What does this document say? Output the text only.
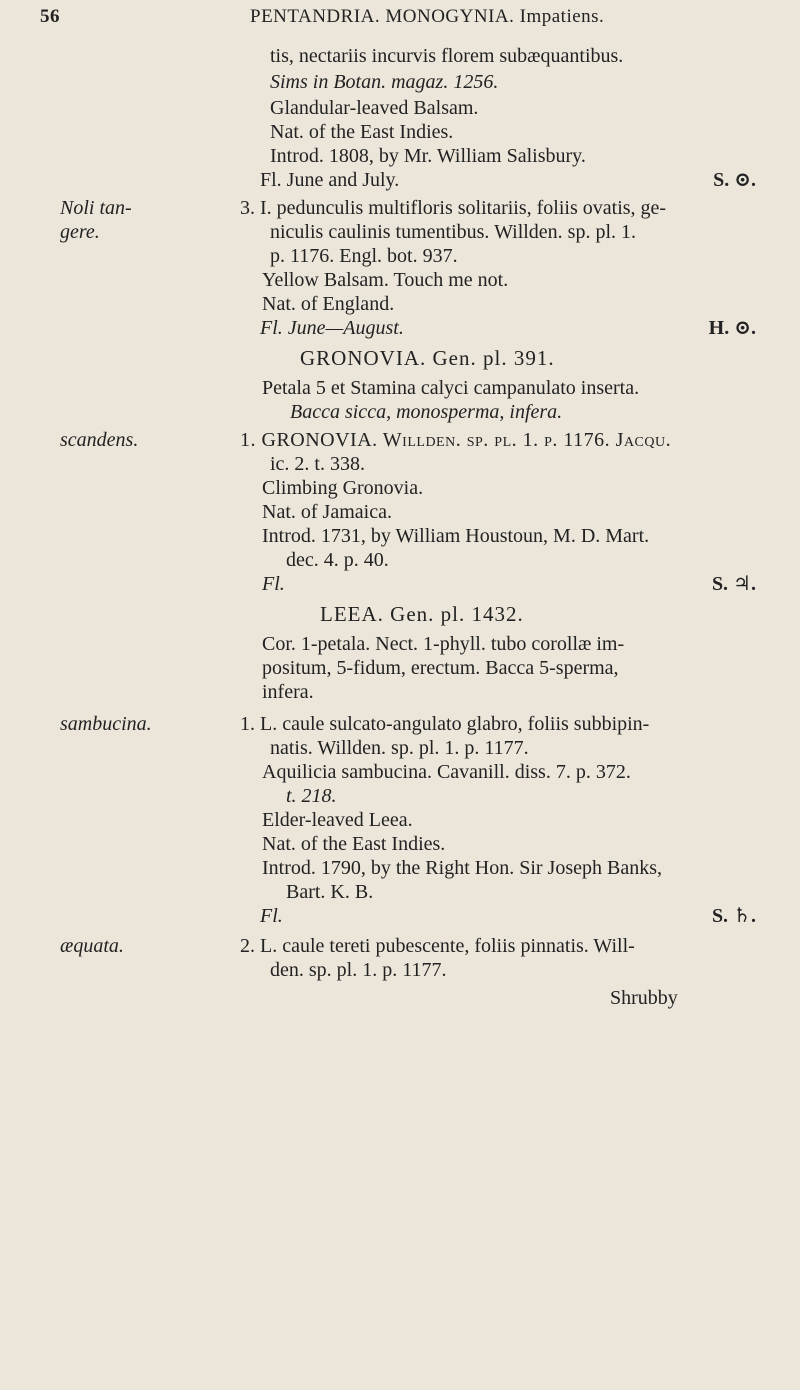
56	PENTANDRIA. MONOGYNIA. Impatiens.
tis, nectariis incurvis florem subæquantibus.
Sims in Botan. magaz. 1256.
Glandular-leaved Balsam.
Nat. of the East Indies.
Introd. 1808, by Mr. William Salisbury.
Fl. June and July.	S. ⊙.
Noli tan-
gere.
3. I. pedunculis multifloris solitariis, foliis ovatis, ge-
niculis caulinis tumentibus. Willden. sp. pl. 1.
p. 1176. Engl. bot. 937.
Yellow Balsam. Touch me not.
Nat. of England.
Fl. June—August.	H. ⊙.
GRONOVIA. Gen. pl. 391.
Petala 5 et Stamina calyci campanulato inserta.
Bacca sicca, monosperma, infera.
scandens.	1. GRONOVIA. Willden. sp. pl. 1. p. 1176. Jacqu.
ic. 2. t. 338.
Climbing Gronovia.
Nat. of Jamaica.
Introd. 1731, by William Houstoun, M. D. Mart.
dec. 4. p. 40.
Fl.	S. ♃.
LEEA. Gen. pl. 1432.
Cor. 1-petala. Nect. 1-phyll. tubo corollæ im-
positum, 5-fidum, erectum. Bacca 5-sperma,
infera.
sambucina.	1. L. caule sulcato-angulato glabro, foliis subbipin-
natis. Willden. sp. pl. 1. p. 1177.
Aquilicia sambucina. Cavanill. diss. 7. p. 372.
t. 218.
Elder-leaved Leea.
Nat. of the East Indies.
Introd. 1790, by the Right Hon. Sir Joseph Banks,
Bart. K. B.
Fl.	S. ♄.
æquata.	2. L. caule tereti pubescente, foliis pinnatis. Will-
den. sp. pl. 1. p. 1177.
Shrubby
